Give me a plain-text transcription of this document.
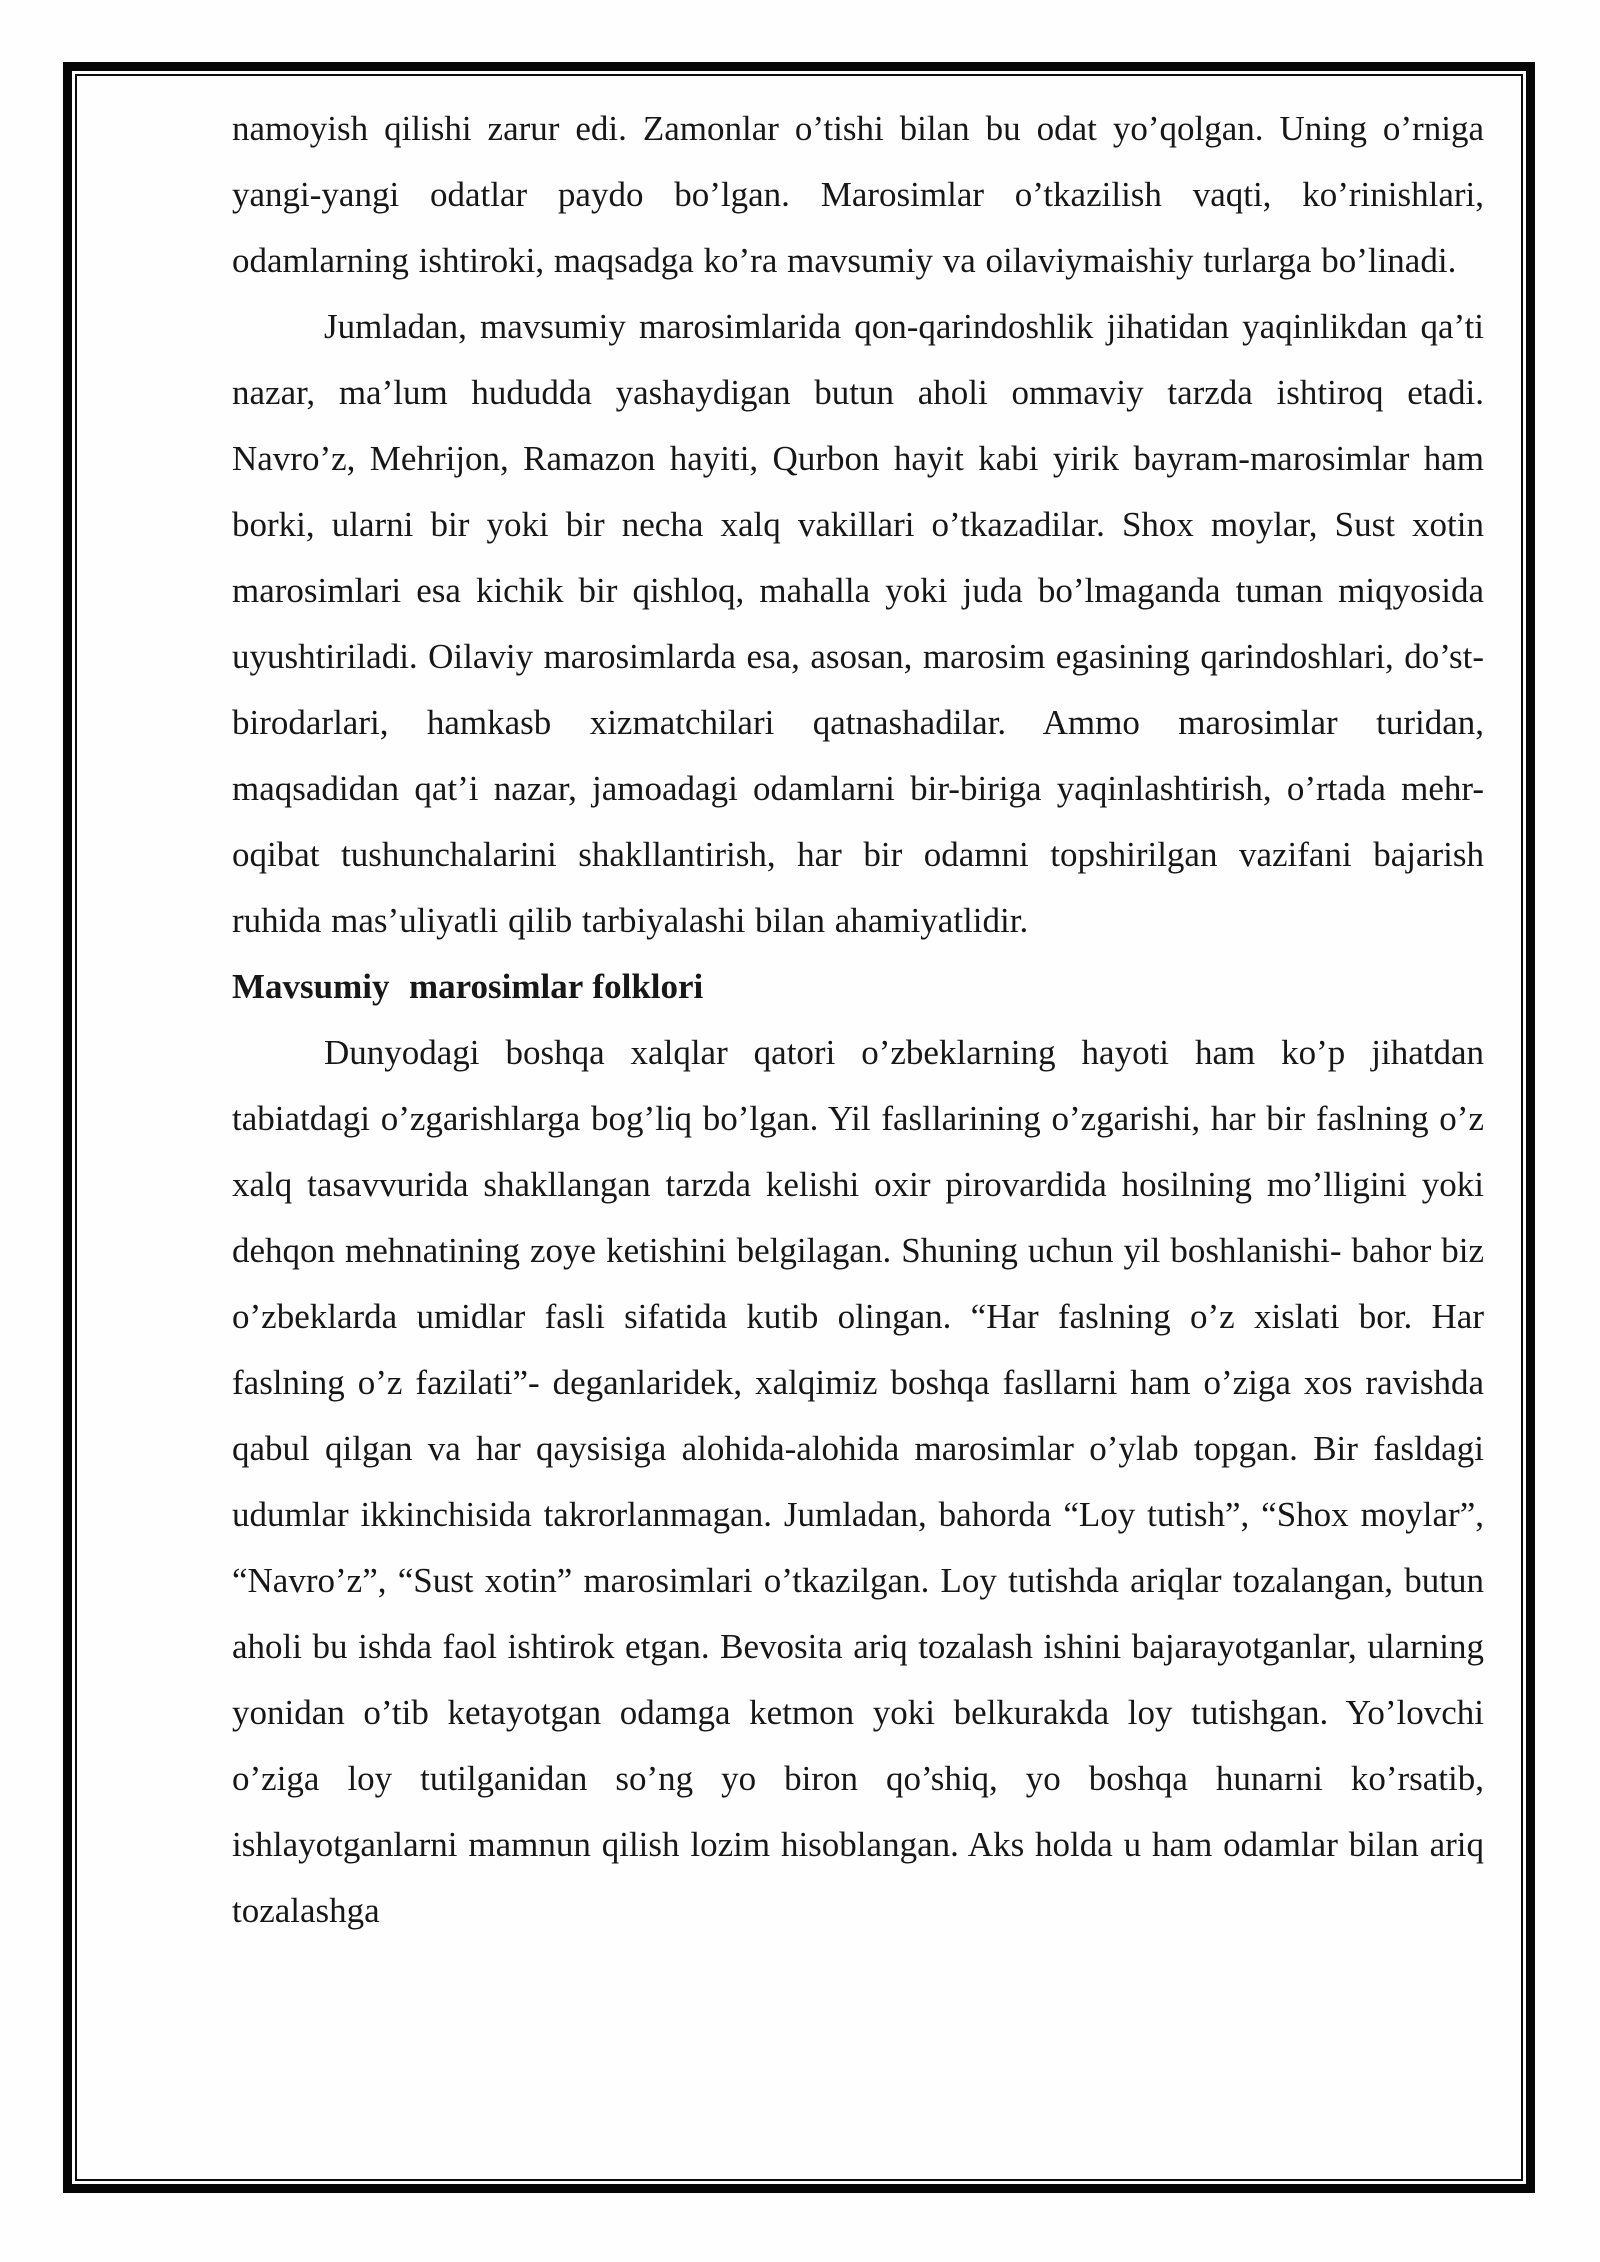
namoyish qilishi zarur edi. Zamonlar o’tishi bilan bu odat yo’qolgan. Uning o’rniga yangi-yangi odatlar paydo bo’lgan. Marosimlar o’tkazilish vaqti, ko’rinishlari, odamlarning ishtiroki, maqsadga ko’ra mavsumiy va oilaviymaishiy turlarga bo’linadi.

Jumladan, mavsumiy marosimlarida qon-qarindoshlik jihatidan yaqinlikdan qa’ti nazar, ma’lum hududda yashaydigan butun aholi ommaviy tarzda ishtiroq etadi. Navro’z, Mehrijon, Ramazon hayiti, Qurbon hayit kabi yirik bayram-marosimlar ham borki, ularni bir yoki bir necha xalq vakillari o’tkazadilar. Shox moylar, Sust xotin marosimlari esa kichik bir qishloq, mahalla yoki juda bo’lmaganda tuman miqyosida uyushtiriladi. Oilaviy marosimlarda esa, asosan, marosim egasining qarindoshlari, do’st-birodarlari, hamkasb xizmatchilari qatnashadilar. Ammo marosimlar turidan, maqsadidan qat’i nazar, jamoadagi odamlarni bir-biriga yaqinlashtirish, o’rtada mehr-oqibat tushunchalarini shakllantirish, har bir odamni topshirilgan vazifani bajarish ruhida mas’uliyatli qilib tarbiyalashi bilan ahamiyatlidir.

Mavsumiy  marosimlar folklori

Dunyodagi boshqa xalqlar qatori o’zbeklarning hayoti ham ko’p jihatdan tabiatdagi o’zgarishlarga bog’liq bo’lgan. Yil fasllarining o’zgarishi, har bir faslning o’z xalq tasavvurida shakllangan tarzda kelishi oxir pirovardida hosilning mo’lligini yoki dehqon mehnatining zoye ketishini belgilagan. Shuning uchun yil boshlanishi- bahor biz o’zbeklarda umidlar fasli sifatida kutib olingan. “Har faslning o’z xislati bor. Har faslning o’z fazilati”- deganlaridek, xalqimiz boshqa fasllarni ham o’ziga xos ravishda qabul qilgan va har qaysisiga alohida-alohida marosimlar o’ylab topgan. Bir fasldagi udumlar ikkinchisida takrorlanmagan. Jumladan, bahorda “Loy tutish”, “Shox moylar”, “Navro’z”, “Sust xotin” marosimlari o’tkazilgan. Loy tutishda ariqlar tozalangan, butun aholi bu ishda faol ishtirok etgan. Bevosita ariq tozalash ishini bajarayotganlar, ularning yonidan o’tib ketayotgan odamga ketmon yoki belkurakda loy tutishgan. Yo’lovchi o’ziga loy tutilganidan so’ng yo biron qo’shiq, yo boshqa hunarni ko’rsatib, ishlayotganlarni mamnun qilish lozim hisoblangan. Aks holda u ham odamlar bilan ariq tozalashga
